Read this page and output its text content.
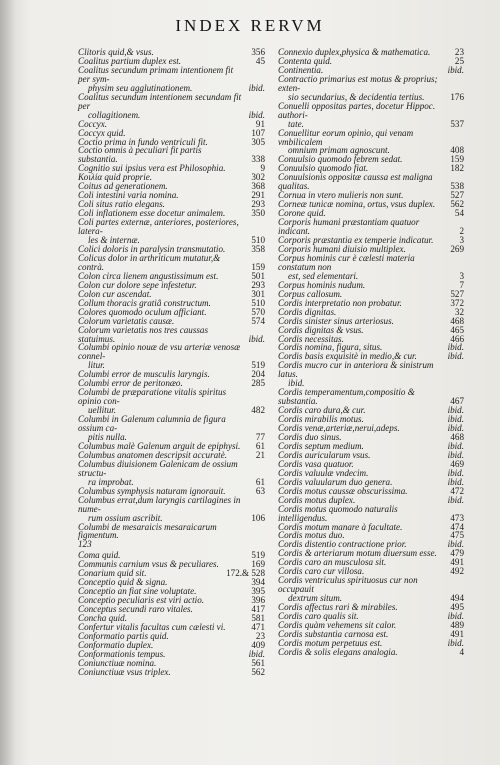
INDEX RERVM
Clitoris quid,& vsus.	356
Coalitus partium duplex est.	45
Coalitus secundum primam intentionem fit per sym-
physim seu agglutinationem.	ibid.
Coalitus secundum intentionem secundam fit per
collagitionem.	ibid.
Coccyx.	91
Coccyx quid.	107
Coctio prima in fundo ventriculi fit.	305
Coctio omnis à peculiari fit partis substantia.	338
Cognitio sui ipsius vera est Philosophia.	9
Κοιλία quid proprie.	302
Coitus ad generationem.	368
Coli intestini varia nomina.	291
Coli situs ratio elegans.	293
Coli inflationem esse docetur animalem.	350
Coli partes externæ, anteriores, posteriores, latera-
les & internæ.	510
Colici doloris in paralysin transmutatio.	358
Colicus dolor in arthriticum mutatur,& contrà.	159
Colon circa lienem angustissimum est.	501
Colon cur dolore sepe infestetur.	293
Colon cur ascendat.	301
Collum thoracis gratiâ constructum.	510
Colores quomodo oculum afficiant.	570
Colorum varietatis causæ.	574
Colorum varietatis nos tres caussas statuimus.	ibid.
Columbi opinio nouæ de vsu arteriæ venosæ connel-
litur.	519
Columbi error de musculis laryngis.	204
Columbi error de peritonæo.	285
Columbi de præparatione vitalis spiritus opinio con-
uellitur.	482
Columbi in Galenum calumnia de figura ossium ca-
pitis nulla.	77
Columbus malè Galenum arguit de epiphysi. 61
Columbus anatomen descripsit accuratè.	21
Columbus diuisionem Galenicam de ossium structu-
ra improbat.	61
Columbus symphysis naturam ignorauit.	63
Columbus errat,dum laryngis cartilagines in nume-
rum ossium ascribit.	106
Columbi de mesaraicis mesaraicarum figmentum.
123
Coma quid.	519
Communis carnium vsus & peculiares.	169
Conarium quid sit.	172.& 528
Conceptio quid & signa.	394
Conceptio an fiat sine voluptate.	395
Conceptio peculiaris est viri actio.	396
Conceptus secundi raro vitales.	417
Concha quid.	581
Confertur vitalis facultas cum cælesti vi.	471
Conformatio partis quid.	23
Conformatio duplex.	409
Conformationis tempus.	ibid.
Coniunctiuæ nomina.	561
Coniunctiuæ vsus triplex.	562
Connexio duplex,physica & mathematica.	23
Contenta quid.	25
Continentia.	ibid.
Contractio primarius est motus & proprius; exten-
sio secundarius, & decidentia tertius.	176
Conuelli oppositas partes, docetur Hippoc. authori-
tate.	537
Conuellitur eorum opinio, qui venam vmbilicalem
omnium primam agnoscunt.	408
Conuulsio quomodo febrem sedat.	159
Conuulsio quomodo fiat.	182
Conuulsionis oppositæ caussa est maligna qualitas.	538
Cornua in vtero mulieris non sunt.	527
Corneæ tunicæ nomina, ortus, vsus duplex. 562
Corone quid.	54
Corporis humani præstantiam quatuor indicant.	2
Corporis præstantia ex temperie indicatur.	3
Corporis humani diuisio multiplex.	269
Corpus hominis cur è cælesti materia constatum non
est, sed elementari.	3
Corpus hominis nudum.	7
Corpus callosum.	527
Cordis interpretatio non probatur.	372
Cordis dignitas.	32
Cordis sinister sinus arteriosus.	468
Cordis dignitas & vsus.	465
Cordis necessitas.	466
Cordis nomina, figura, situs.	ibid.
Cordis basis exquisitè in medio,& cur.	ibid.
Cordis mucro cur in anteriora & sinistrum latus.
ibid.
Cordis temperamentum,compositio & substantia.	467
Cordis caro dura,& cur.	ibid.
Cordis mirabilis motus.	ibid.
Cordis venæ,arteriæ,nerui,adeps.	ibid.
Cordis duo sinus.	468
Cordis septum medium.	ibid.
Cordis auricularum vsus.	ibid.
Cordis vasa quatuor.	469
Cordis valuulæ vndecim.	ibid.
Cordis valuularum duo genera.	ibid.
Cordis motus caussæ obscurissima.	472
Cordis motus duplex.	ibid.
Cordis motus quomodo naturalis intelligendus.	473
Cordis motum manare à facultate.	474
Cordis motus duo.	475
Cordis distentio contractione prior.	ibid.
Cordis & arteriarum motum diuersum esse. 479
Cordis caro an musculosa sit.	491
Cordis caro cur villosa.	492
Cordis ventriculus spirituosus cur non occupauit
dextrum situm.	494
Cordis affectus rari & mirabiles.	495
Cordis caro qualis sit.	ibid.
Cordis quàm vehemens sit calor.	489
Cordis substantia carnosa est.	491
Cordis motum perpetuus est.	ibid.
Cordis & solis elegans analogia.	4
